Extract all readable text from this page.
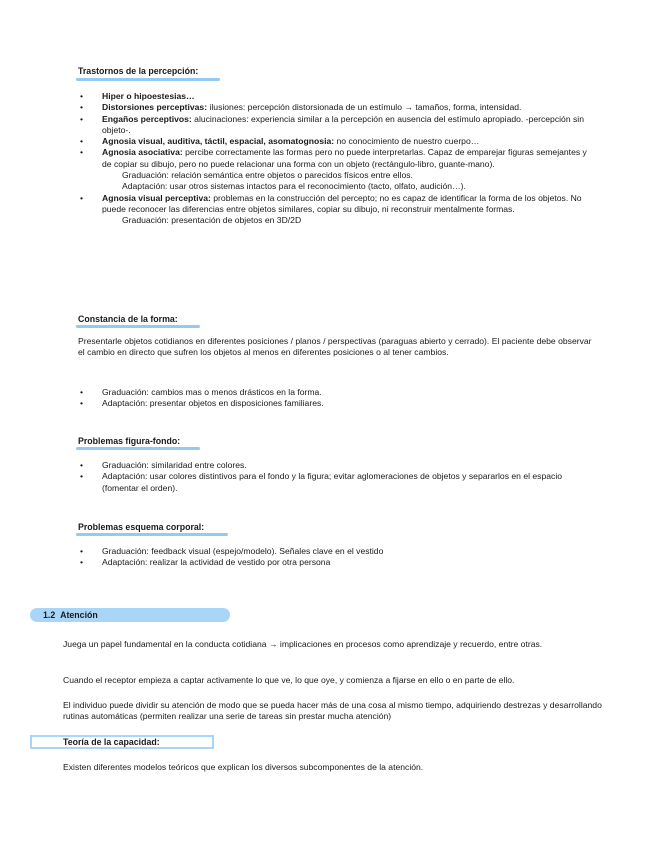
Trastornos de la percepción:
•	Hiper o hipoestesias…
•	Distorsiones perceptivas: ilusiones: percepción distorsionada de un estímulo → tamaños, forma, intensidad.
•	Engaños perceptivos: alucinaciones: experiencia similar a la percepción en ausencia del estímulo apropiado. -percepción sin objeto-.
•	Agnosia visual, auditiva, táctil, espacial, asomatognosia: no conocimiento de nuestro cuerpo…
•	Agnosia asociativa: percibe correctamente las formas pero no puede interpretarlas. Capaz de emparejar figuras semejantes y de copiar su dibujo, pero no puede relacionar una forma con un objeto (rectángulo-libro, guante-mano).
Graduación: relación semántica entre objetos o parecidos físicos entre ellos.
Adaptación: usar otros sistemas intactos para el reconocimiento (tacto, olfato, audición…).
•	Agnosia visual perceptiva: problemas en la construcción del percepto; no es capaz de identificar la forma de los objetos. No puede reconocer las diferencias entre objetos similares, copiar su dibujo, ni reconstruir mentalmente formas.
Graduación: presentación de objetos en 3D/2D
Constancia de la forma:

Presentarle objetos cotidianos en diferentes posiciones / planos / perspectivas (paraguas abierto y cerrado). El paciente debe observar el cambio en directo que sufren los objetos al menos en diferentes posiciones o al tener cambios.

•	Graduación: cambios mas o menos drásticos en la forma.
•	Adaptación: presentar objetos en disposiciones familiares.
Problemas figura-fondo:
•	Graduación: similaridad entre colores.
•	Adaptación: usar colores distintivos para el fondo y la figura; evitar aglomeraciones de objetos y separarlos en el espacio (fomentar el orden).
Problemas esquema corporal:
•	Graduación: feedback visual (espejo/modelo). Señales clave en el vestido
•	Adaptación: realizar la actividad de vestido por otra persona
1.2 Atención

Juega un papel fundamental en la conducta cotidiana → implicaciones en procesos como aprendizaje y recuerdo, entre otras.

Cuando el receptor empieza a captar activamente lo que ve, lo que oye, y comienza a fijarse en ello o en parte de ello.

El individuo puede dividir su atención de modo que se pueda hacer más de una cosa al mismo tiempo, adquiriendo destrezas y desarrollando rutinas automáticas (permiten realizar una serie de tareas sin prestar mucha atención)

Teoría de la capacidad:

Existen diferentes modelos teóricos que explican los diversos subcomponentes de la atención.
